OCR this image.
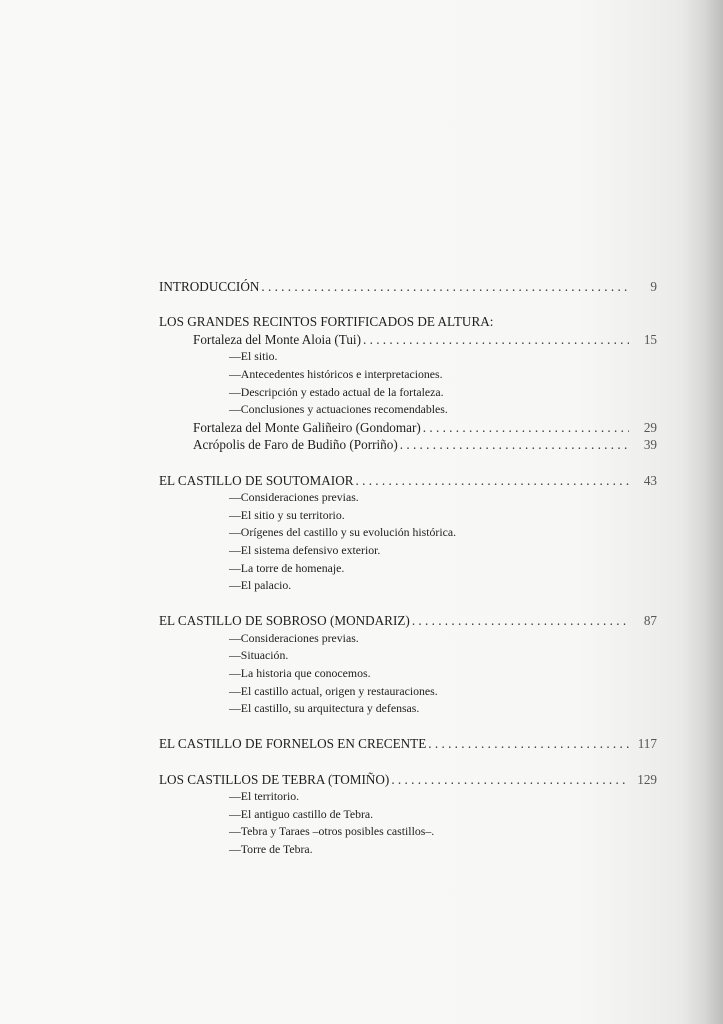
INTRODUCCIÓN . . .	9
LOS GRANDES RECINTOS FORTIFICADOS DE ALTURA:
Fortaleza del Monte Aloia (Tui) . . .	15
—El sitio.
—Antecedentes históricos e interpretaciones.
—Descripción y estado actual de la fortaleza.
—Conclusiones y actuaciones recomendables.
Fortaleza del Monte Galiñeiro (Gondomar) . . .	29
Acrópolis de Faro de Budiño (Porriño) . . .	39
EL CASTILLO DE SOUTOMAIOR . . .	43
—Consideraciones previas.
—El sitio y su territorio.
—Orígenes del castillo y su evolución histórica.
—El sistema defensivo exterior.
—La torre de homenaje.
—El palacio.
EL CASTILLO DE SOBROSO (MONDARIZ) . . .	87
—Consideraciones previas.
—Situación.
—La historia que conocemos.
—El castillo actual, origen y restauraciones.
—El castillo, su arquitectura y defensas.
EL CASTILLO DE FORNELOS EN CRECENTE . . .	117
LOS CASTILLOS DE TEBRA (TOMIÑO) . . .	129
—El territorio.
—El antiguo castillo de Tebra.
—Tebra y Taraes –otros posibles castillos–.
—Torre de Tebra.
